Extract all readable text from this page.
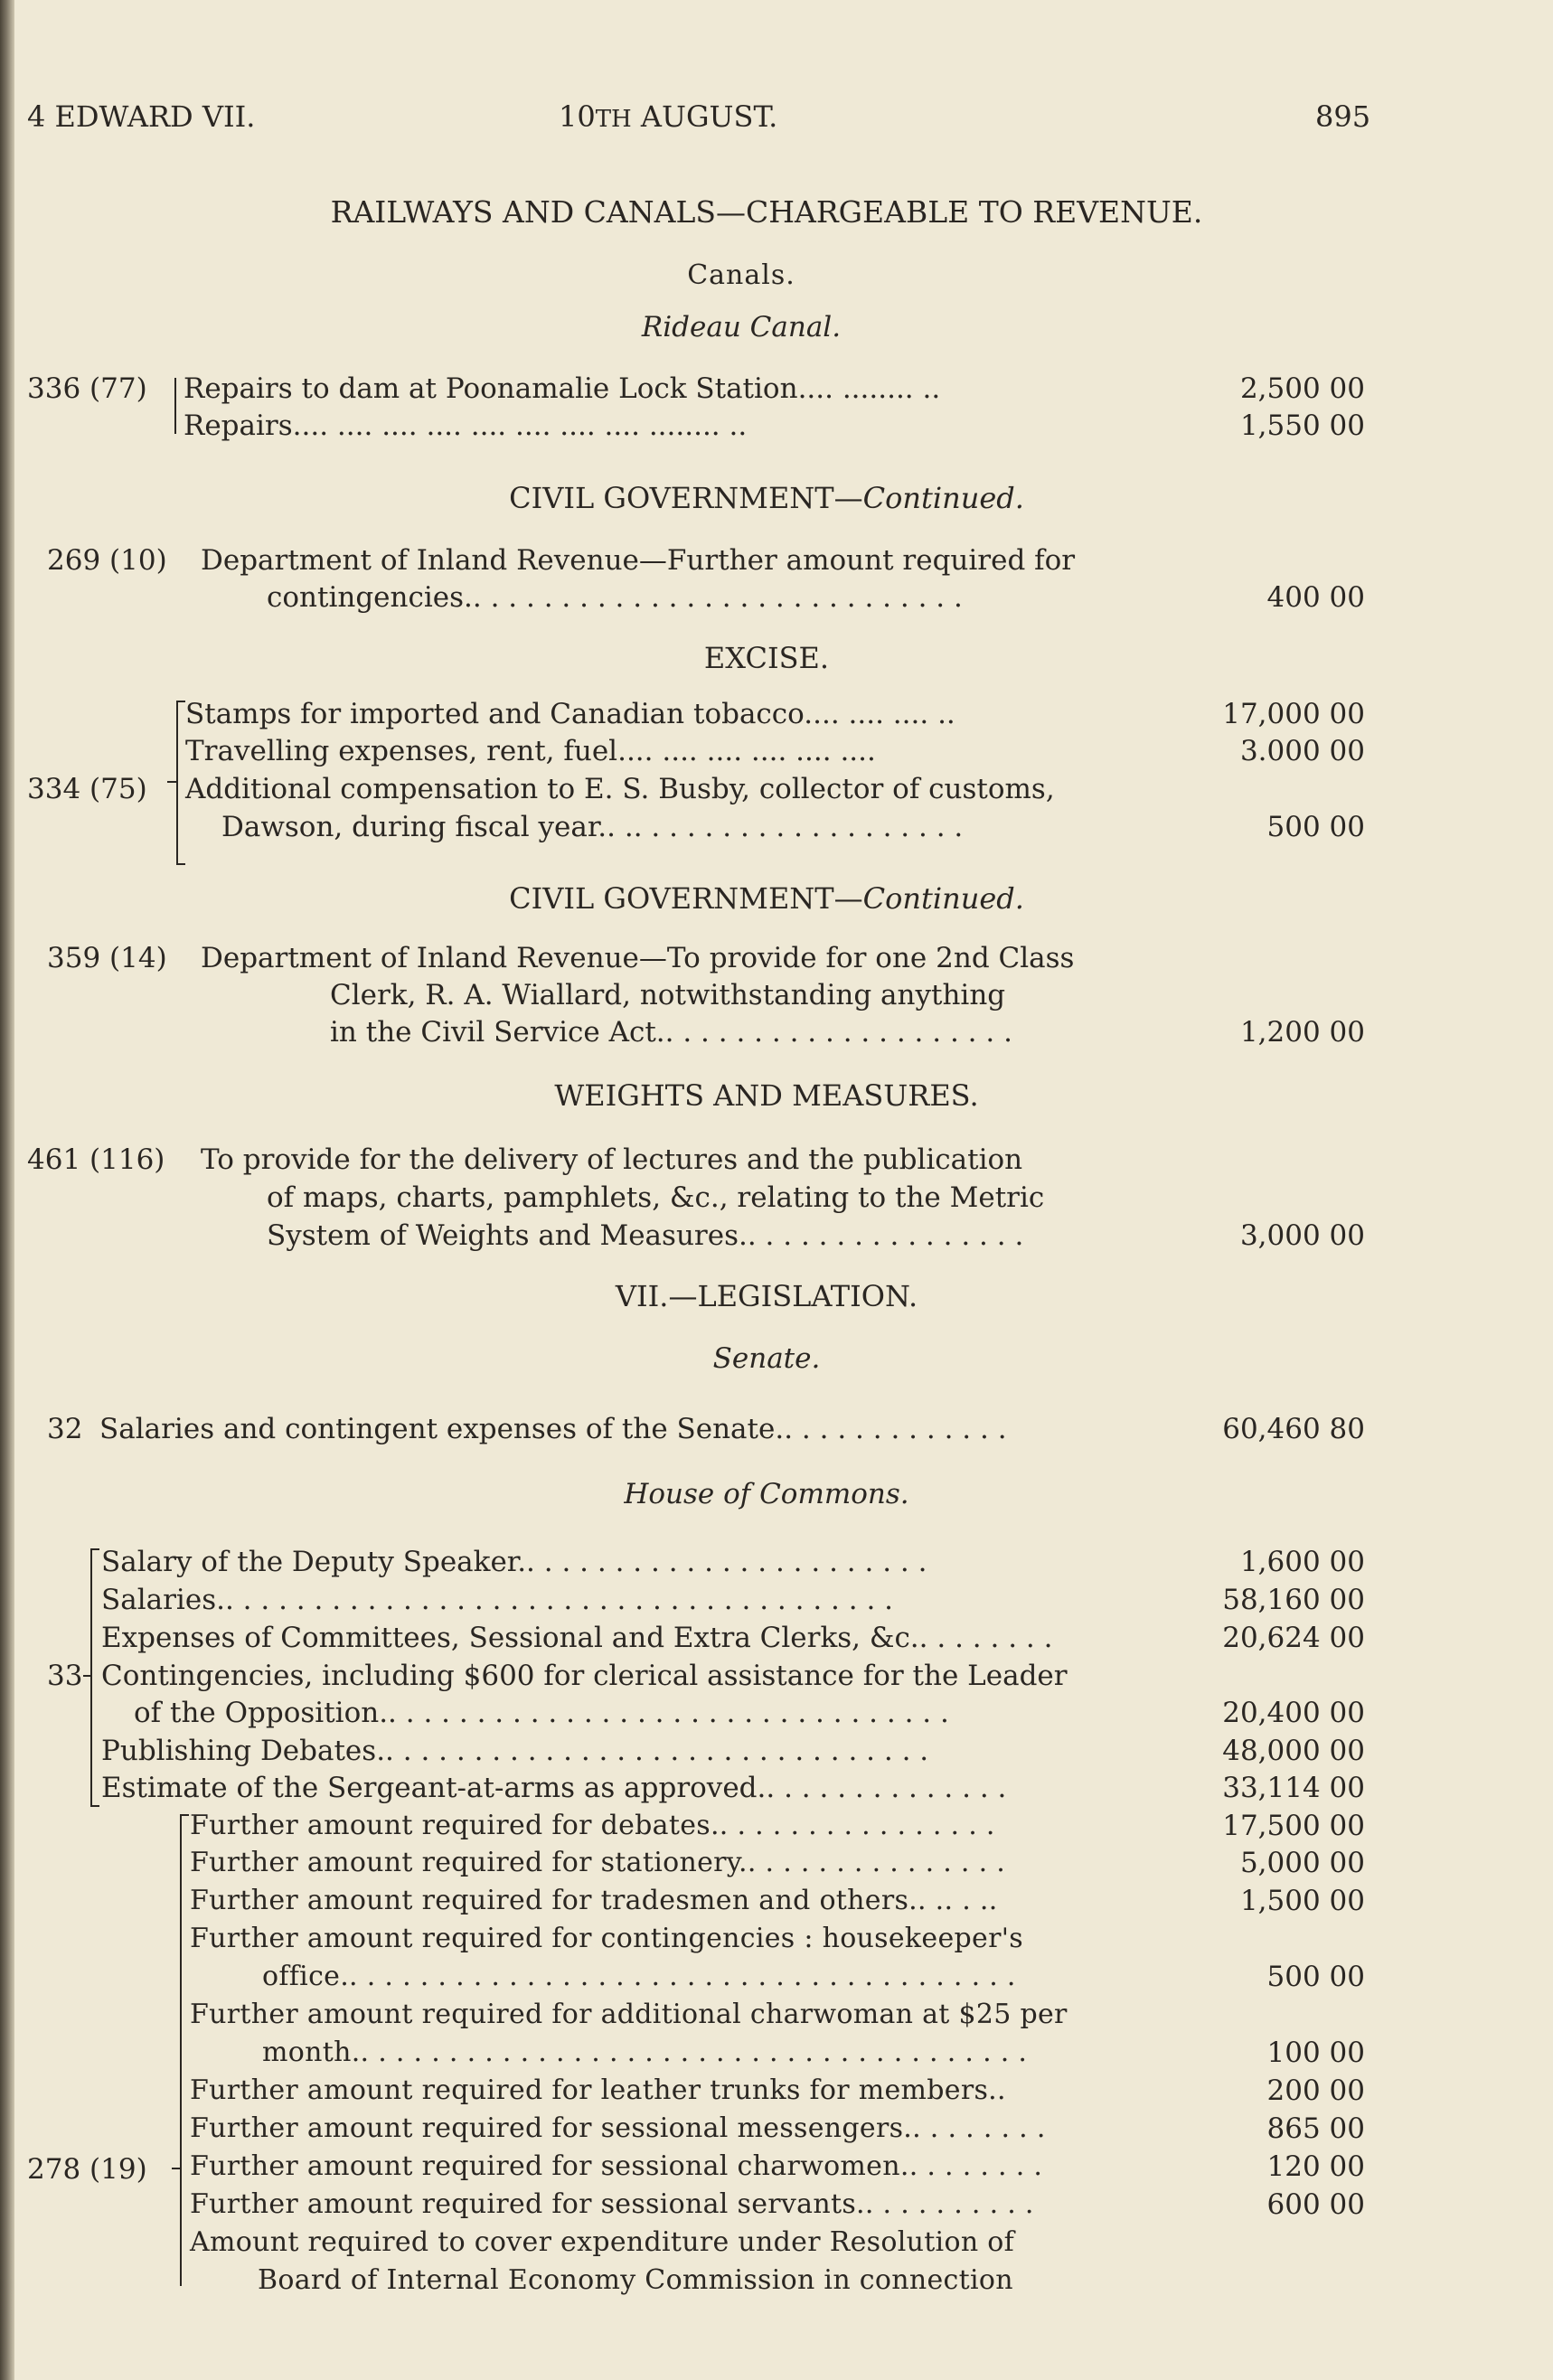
4 EDWARD VII.	10TH AUGUST.	895
RAILWAYS AND CANALS—CHARGEABLE TO REVENUE.
Canals.
Rideau Canal.
336 (77) Repairs to dam at Poonamalie Lock Station.... ........ ..	2,500 00
Repairs.... .... .... .... .... .... .... .... ........ ..	1,550 00
CIVIL GOVERNMENT—Continued.
269 (10) Department of Inland Revenue—Further amount required for
contingencies.. . . . . . . . . . . . . . . . . . . . . . . . . . . .	400 00
EXCISE.
334 (75)
Stamps for imported and Canadian tobacco.... .... .... ..	17,000 00
Travelling expenses, rent, fuel.... .... .... .... .... ....	3.000 00
Additional compensation to E. S. Busby, collector of customs,
Dawson, during fiscal year.. .. . . . . . . . . . . . . . . . . . .	500 00
CIVIL GOVERNMENT—Continued.
359 (14) Department of Inland Revenue—To provide for one 2nd Class
Clerk, R. A. Wiallard, notwithstanding anything
in the Civil Service Act.. . . . . . . . . . . . . . . . . . . .	1,200 00
WEIGHTS AND MEASURES.
461 (116) To provide for the delivery of lectures and the publication
of maps, charts, pamphlets, &c., relating to the Metric
System of Weights and Measures.. . . . . . . . . . . . . . . .	3,000 00
VII.—LEGISLATION.
Senate.
32 Salaries and contingent expenses of the Senate.. . . . . . . . . . . . .	60,460 80
House of Commons.
33
Salary of the Deputy Speaker.. . . . . . . . . . . . . . . . . . . . . . .	1,600 00
Salaries.. . . . . . . . . . . . . . . . . . . . . . . . . . . . . . . . . . . . . .	58,160 00
Expenses of Committees, Sessional and Extra Clerks, &c.. . . . . . . .	20,624 00
Contingencies, including $600 for clerical assistance for the Leader
of the Opposition.. . . . . . . . . . . . . . . . . . . . . . . . . . . . . . . .	20,400 00
Publishing Debates.. . . . . . . . . . . . . . . . . . . . . . . . . . . . . . .	48,000 00
Estimate of the Sergeant-at-arms as approved.. . . . . . . . . . . . . .	33,114 00
278 (19)
Further amount required for debates.. . . . . . . . . . . . . . . .	17,500 00
Further amount required for stationery.. . . . . . . . . . . . . . .	5,000 00
Further amount required for tradesmen and others.. .. . ..	1,500 00
Further amount required for contingencies : housekeeper's
office.. . . . . . . . . . . . . . . . . . . . . . . . . . . . . . . . . . . . . .	500 00
Further amount required for additional charwoman at $25 per
month.. . . . . . . . . . . . . . . . . . . . . . . . . . . . . . . . . . . . . .	100 00
Further amount required for leather trunks for members..	200 00
Further amount required for sessional messengers.. . . . . . . .	865 00
Further amount required for sessional charwomen.. . . . . . . .	120 00
Further amount required for sessional servants.. . . . . . . . . .	600 00
Amount required to cover expenditure under Resolution of
Board of Internal Economy Commission in connection
